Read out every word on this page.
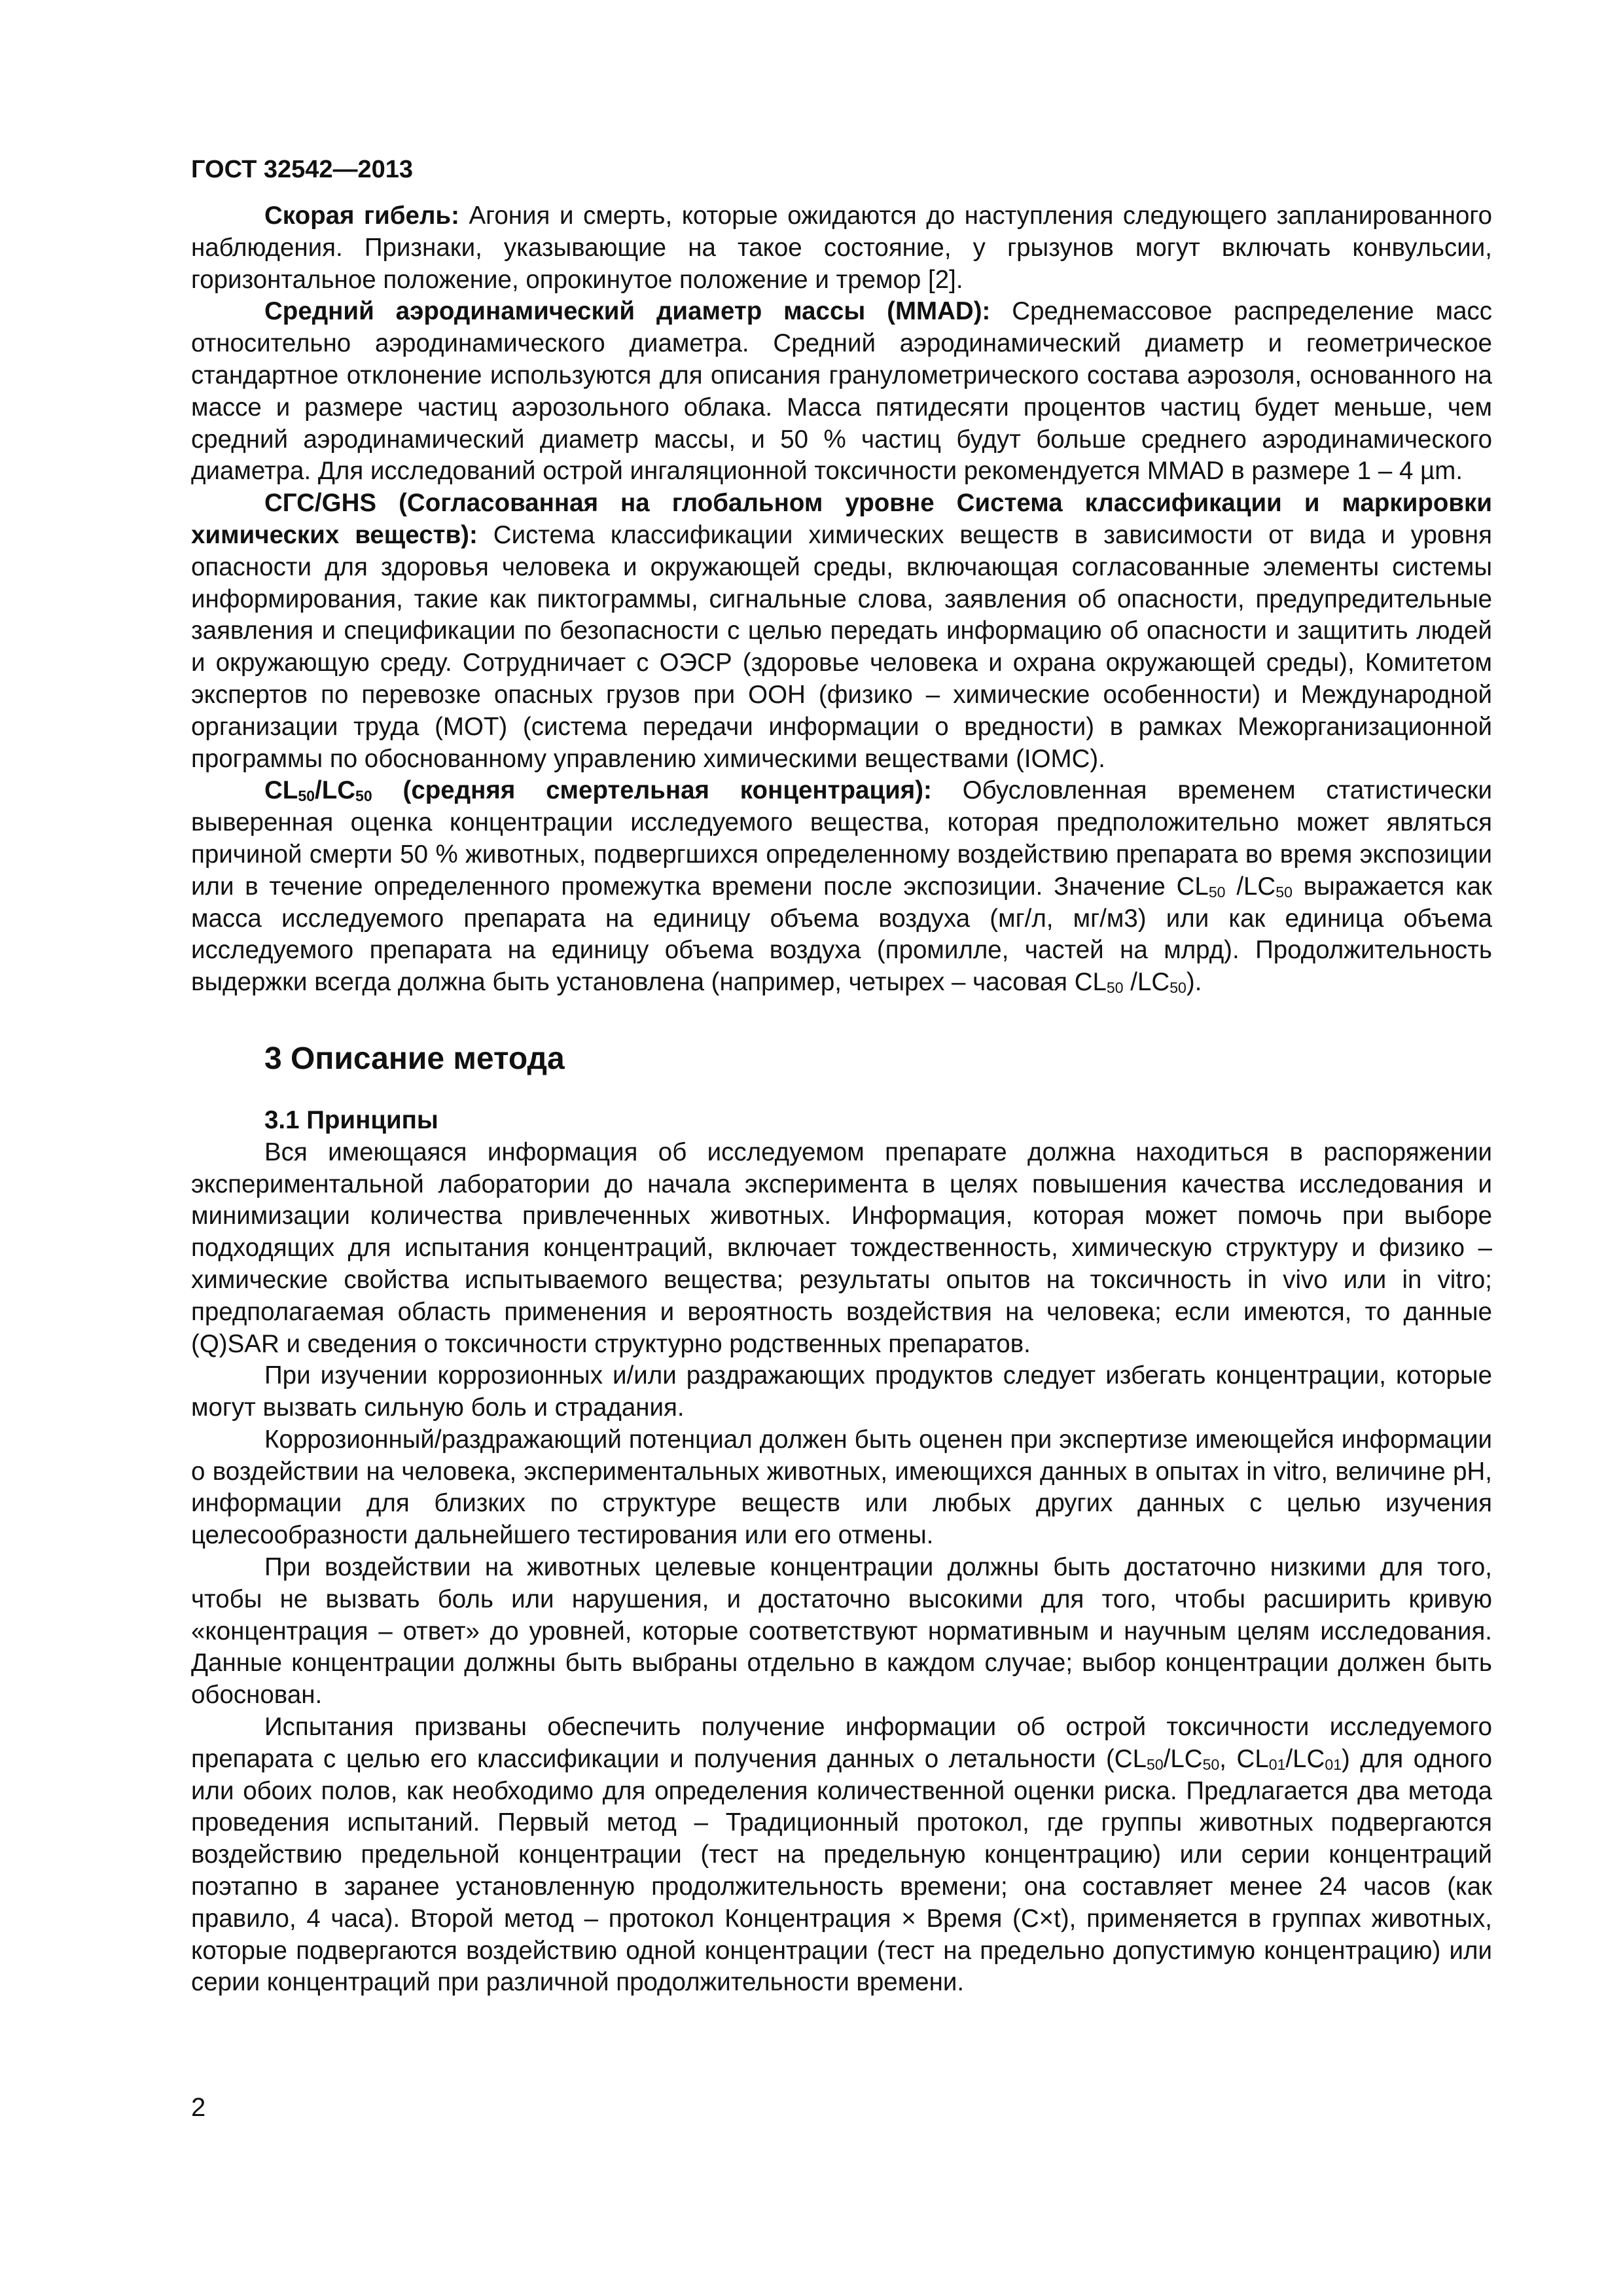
ГОСТ 32542—2013

Скорая гибель: Агония и смерть, которые ожидаются до наступления следующего запланированного наблюдения. Признаки, указывающие на такое состояние, у грызунов могут включать конвульсии, горизонтальное положение, опрокинутое положение и тремор [2].

Средний аэродинамический диаметр массы (MMAD): Среднемассовое распределение масс относительно аэродинамического диаметра. Средний аэродинамический диаметр и геометрическое стандартное отклонение используются для описания гранулометрического состава аэрозоля, основанного на массе и размере частиц аэрозольного облака. Масса пятидесяти процентов частиц будет меньше, чем средний аэродинамический диаметр массы, и 50 % частиц будут больше среднего аэродинамического диаметра. Для исследований острой ингаляционной токсичности рекомендуется MMAD в размере 1 – 4 µm.

СГС/GHS (Согласованная на глобальном уровне Система классификации и маркировки химических веществ): Система классификации химических веществ в зависимости от вида и уровня опасности для здоровья человека и окружающей среды, включающая согласованные элементы системы информирования, такие как пиктограммы, сигнальные слова, заявления об опасности, предупредительные заявления и спецификации по безопасности с целью передать информацию об опасности и защитить людей и окружающую среду. Сотрудничает с ОЭСР (здоровье человека и охрана окружающей среды), Комитетом экспертов по перевозке опасных грузов при ООН (физико – химические особенности) и Международной организации труда (МОТ) (система передачи информации о вредности) в рамках Межорганизационной программы по обоснованному управлению химическими веществами (IOMC).

$CL_{50}/LC_{50}$ (средняя смертельная концентрация): Обусловленная временем статистически выверенная оценка концентрации исследуемого вещества, которая предположительно может являться причиной смерти 50 % животных, подвергшихся определенному воздействию препарата во время экспозиции или в течение определенного промежутка времени после экспозиции. Значение $CL_{50}$ $/LC_{50}$ выражается как масса исследуемого препарата на единицу объема воздуха (мг/л, мг/м3) или как единица объема исследуемого препарата на единицу объема воздуха (промилле, частей на млрд). Продолжительность выдержки всегда должна быть установлена (например, четырех – часовая $CL_{50}$ $/LC_{50}$).

3 Описание метода
3.1 Принципы

Вся имеющаяся информация об исследуемом препарате должна находиться в распоряжении экспериментальной лаборатории до начала эксперимента в целях повышения качества исследования и минимизации количества привлеченных животных. Информация, которая может помочь при выборе подходящих для испытания концентраций, включает тождественность, химическую структуру и физико – химические свойства испытываемого вещества; результаты опытов на токсичность in vivo или in vitro; предполагаемая область применения и вероятность воздействия на человека; если имеются, то данные (Q)SAR и сведения о токсичности структурно родственных препаратов.

При изучении коррозионных и/или раздражающих продуктов следует избегать концентрации, которые могут вызвать сильную боль и страдания.

Коррозионный/раздражающий потенциал должен быть оценен при экспертизе имеющейся информации о воздействии на человека, экспериментальных животных, имеющихся данных в опытах in vitro, величине pH, информации для близких по структуре веществ или любых других данных с целью изучения целесообразности дальнейшего тестирования или его отмены.

При воздействии на животных целевые концентрации должны быть достаточно низкими для того, чтобы не вызвать боль или нарушения, и достаточно высокими для того, чтобы расширить кривую «концентрация – ответ» до уровней, которые соответствуют нормативным и научным целям исследования. Данные концентрации должны быть выбраны отдельно в каждом случае; выбор концентрации должен быть обоснован.

Испытания призваны обеспечить получение информации об острой токсичности исследуемого препарата с целью его классификации и получения данных о летальности ($CL_{50}/LC_{50}$, $CL_{01}/LC_{01}$) для одного или обоих полов, как необходимо для определения количественной оценки риска. Предлагается два метода проведения испытаний. Первый метод – Традиционный протокол, где группы животных подвергаются воздействию предельной концентрации (тест на предельную концентрацию) или серии концентраций поэтапно в заранее установленную продолжительность времени; она составляет менее 24 часов (как правило, 4 часа). Второй метод – протокол Концентрация × Время (C×t), применяется в группах животных, которые подвергаются воздействию одной концентрации (тест на предельно допустимую концентрацию) или серии концентраций при различной продолжительности времени.

2
